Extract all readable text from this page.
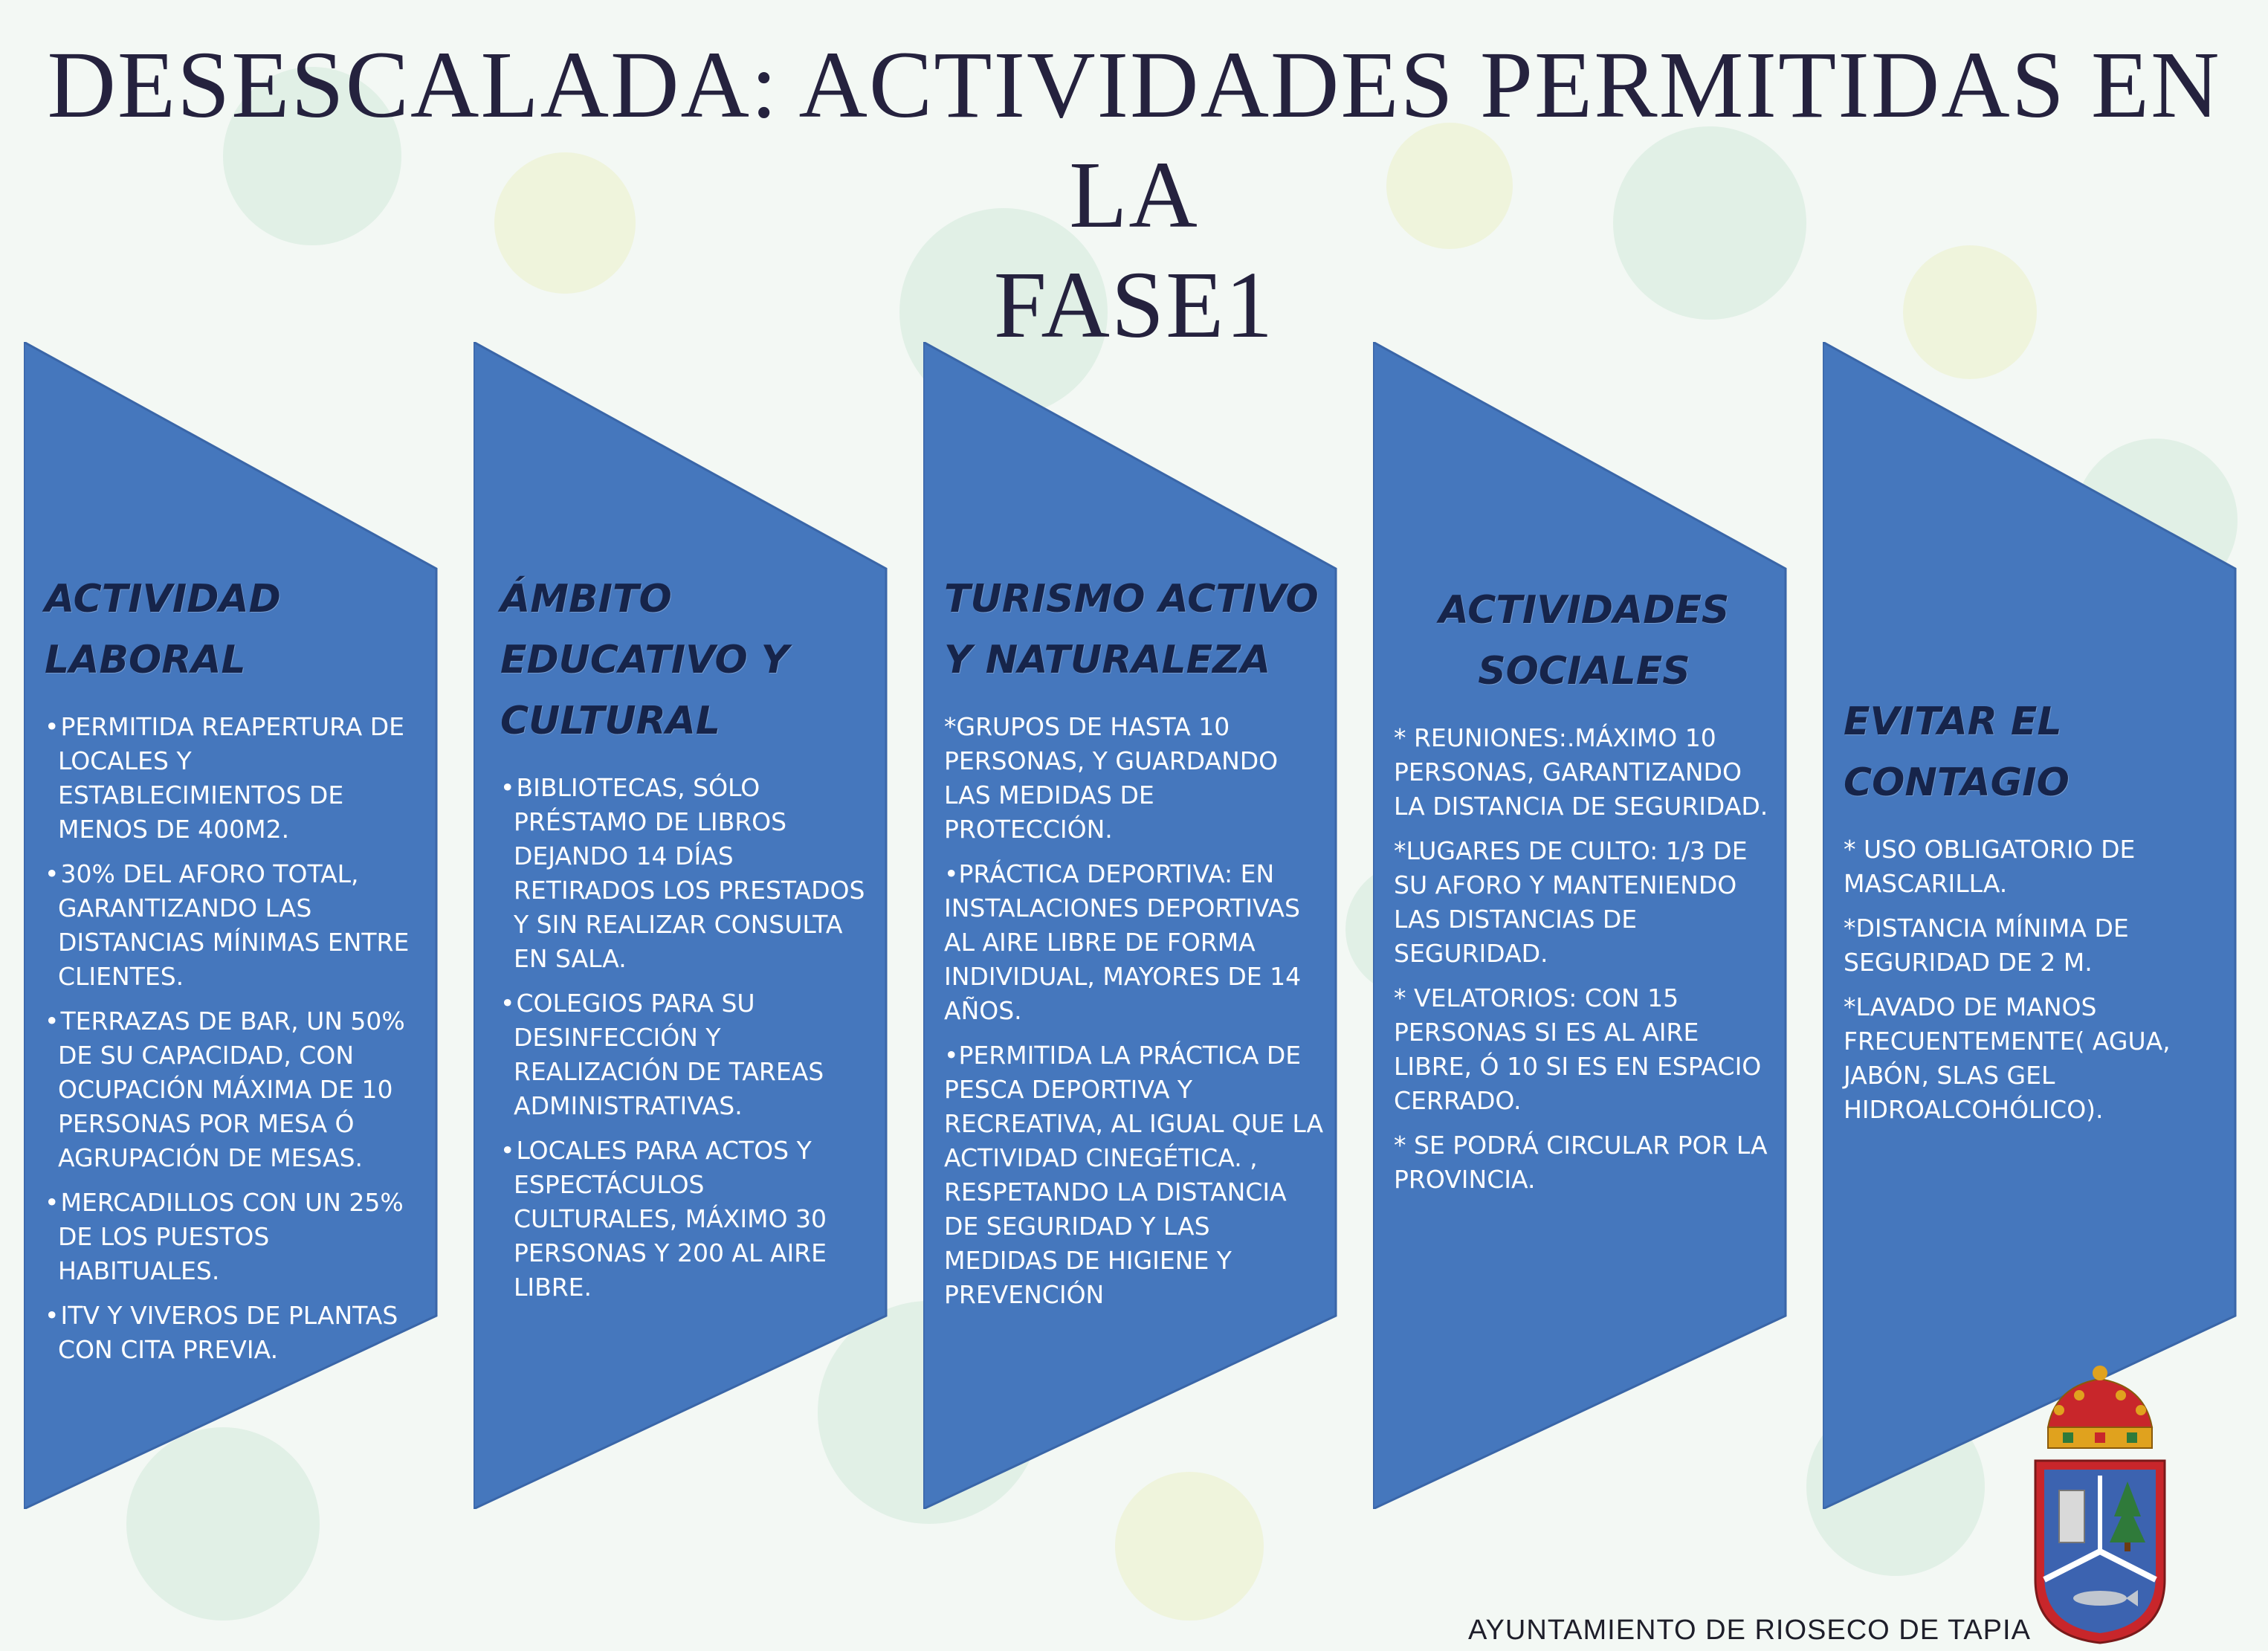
DESESCALADA: ACTIVIDADES PERMITIDAS EN LA
FASE1
ACTIVIDAD
LABORAL
• PERMITIDA REAPERTURA DE LOCALES Y ESTABLECIMIENTOS DE MENOS DE 400M2.
• 30% DEL AFORO TOTAL, GARANTIZANDO LAS DISTANCIAS MÍNIMAS ENTRE CLIENTES.
• TERRAZAS DE BAR, UN 50% DE SU CAPACIDAD, CON OCUPACIÓN MÁXIMA DE 10 PERSONAS POR MESA Ó AGRUPACIÓN DE MESAS.
• MERCADILLOS CON UN 25% DE LOS PUESTOS HABITUALES.
• ITV Y VIVEROS DE PLANTAS CON CITA PREVIA.
ÁMBITO
EDUCATIVO Y
CULTURAL
• BIBLIOTECAS, SÓLO PRÉSTAMO DE LIBROS DEJANDO 14 DÍAS RETIRADOS LOS PRESTADOS Y SIN REALIZAR CONSULTA EN SALA.
• COLEGIOS PARA SU DESINFECCIÓN Y REALIZACIÓN DE TAREAS ADMINISTRATIVAS.
• LOCALES PARA ACTOS Y ESPECTÁCULOS CULTURALES, MÁXIMO 30 PERSONAS Y 200 AL AIRE LIBRE.
TURISMO ACTIVO
Y NATURALEZA
*GRUPOS DE HASTA 10 PERSONAS, Y GUARDANDO LAS MEDIDAS DE PROTECCIÓN.
•PRÁCTICA DEPORTIVA: EN INSTALACIONES DEPORTIVAS AL AIRE LIBRE DE FORMA INDIVIDUAL, MAYORES DE 14 AÑOS.
•PERMITIDA LA PRÁCTICA DE PESCA DEPORTIVA Y RECREATIVA, AL IGUAL QUE LA ACTIVIDAD CINEGÉTICA. , RESPETANDO LA DISTANCIA DE SEGURIDAD Y LAS MEDIDAS DE HIGIENE Y PREVENCIÓN
ACTIVIDADES
SOCIALES
* REUNIONES:.MÁXIMO 10 PERSONAS, GARANTIZANDO LA DISTANCIA DE SEGURIDAD.
*LUGARES DE CULTO: 1/3 DE SU AFORO Y MANTENIENDO LAS DISTANCIAS DE SEGURIDAD.
* VELATORIOS: CON 15 PERSONAS SI ES AL AIRE LIBRE, Ó 10 SI ES EN ESPACIO CERRADO.
* SE PODRÁ CIRCULAR POR LA PROVINCIA.
EVITAR EL
CONTAGIO
* USO OBLIGATORIO DE MASCARILLA.
*DISTANCIA MÍNIMA DE SEGURIDAD DE 2 M.
*LAVADO DE MANOS FRECUENTEMENTE( AGUA, JABÓN, SLAS GEL HIDROALCOHÓLICO).
AYUNTAMIENTO DE RIOSECO DE TAPIA
